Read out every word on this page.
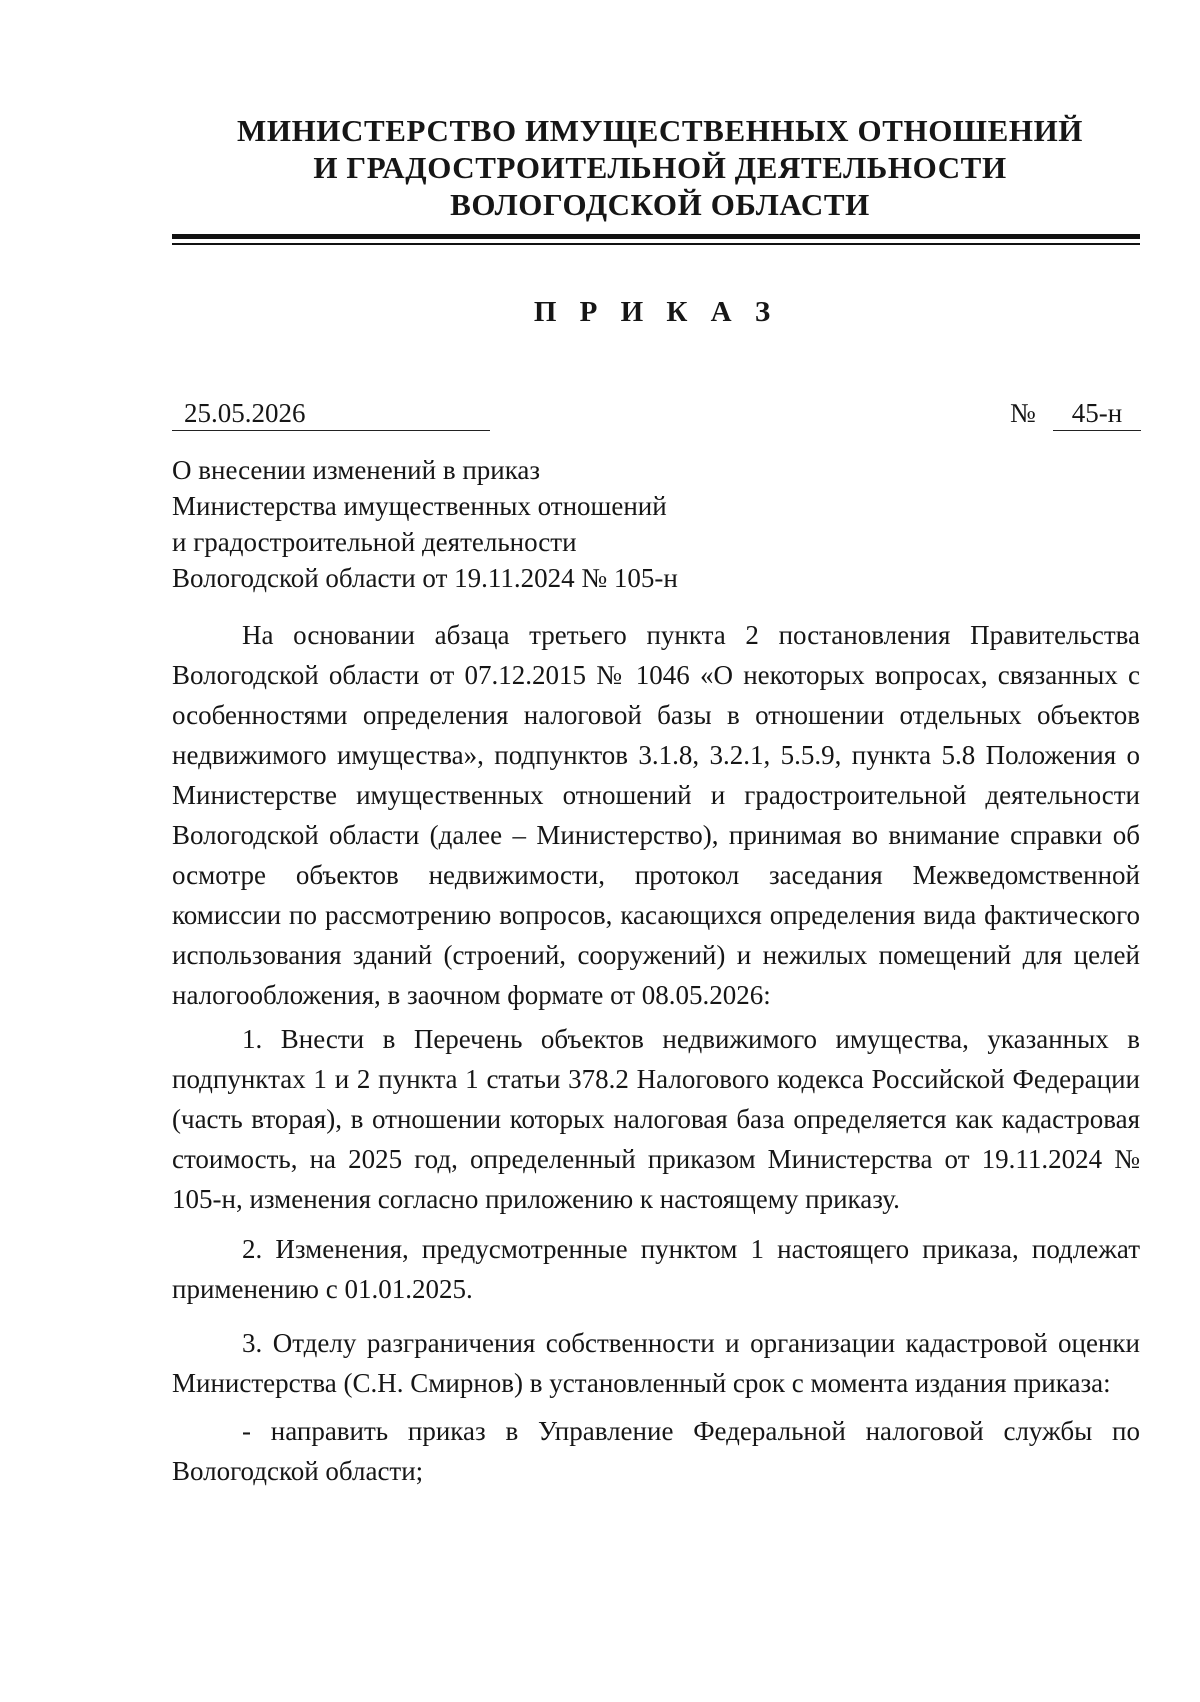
МИНИСТЕРСТВО ИМУЩЕСТВЕННЫХ ОТНОШЕНИЙ
И ГРАДОСТРОИТЕЛЬНОЙ ДЕЯТЕЛЬНОСТИ
ВОЛОГОДСКОЙ ОБЛАСТИ
П Р И К А З
25.05.2026	№	45-н
О внесении изменений в приказ
Министерства имущественных отношений
и градостроительной деятельности
Вологодской области от 19.11.2024 № 105-н

На основании абзаца третьего пункта 2 постановления Правительства Вологодской области от 07.12.2015 № 1046 «О некоторых вопросах, связанных с особенностями определения налоговой базы в отношении отдельных объектов недвижимого имущества», подпунктов 3.1.8, 3.2.1, 5.5.9, пункта 5.8 Положения о Министерстве имущественных отношений и градостроительной деятельности Вологодской области (далее – Министерство), принимая во внимание справки об осмотре объектов недвижимости, протокол заседания Межведомственной комиссии по рассмотрению вопросов, касающихся определения вида фактического использования зданий (строений, сооружений) и нежилых помещений для целей налогообложения, в заочном формате от 08.05.2026:

1. Внести в Перечень объектов недвижимого имущества, указанных в подпунктах 1 и 2 пункта 1 статьи 378.2 Налогового кодекса Российской Федерации (часть вторая), в отношении которых налоговая база определяется как кадастровая стоимость, на 2025 год, определенный приказом Министерства от 19.11.2024 № 105-н, изменения согласно приложению к настоящему приказу.

2. Изменения, предусмотренные пунктом 1 настоящего приказа, подлежат применению с 01.01.2025.

3. Отделу разграничения собственности и организации кадастровой оценки Министерства (С.Н. Смирнов) в установленный срок с момента издания приказа:

- направить приказ в Управление Федеральной налоговой службы по Вологодской области;
